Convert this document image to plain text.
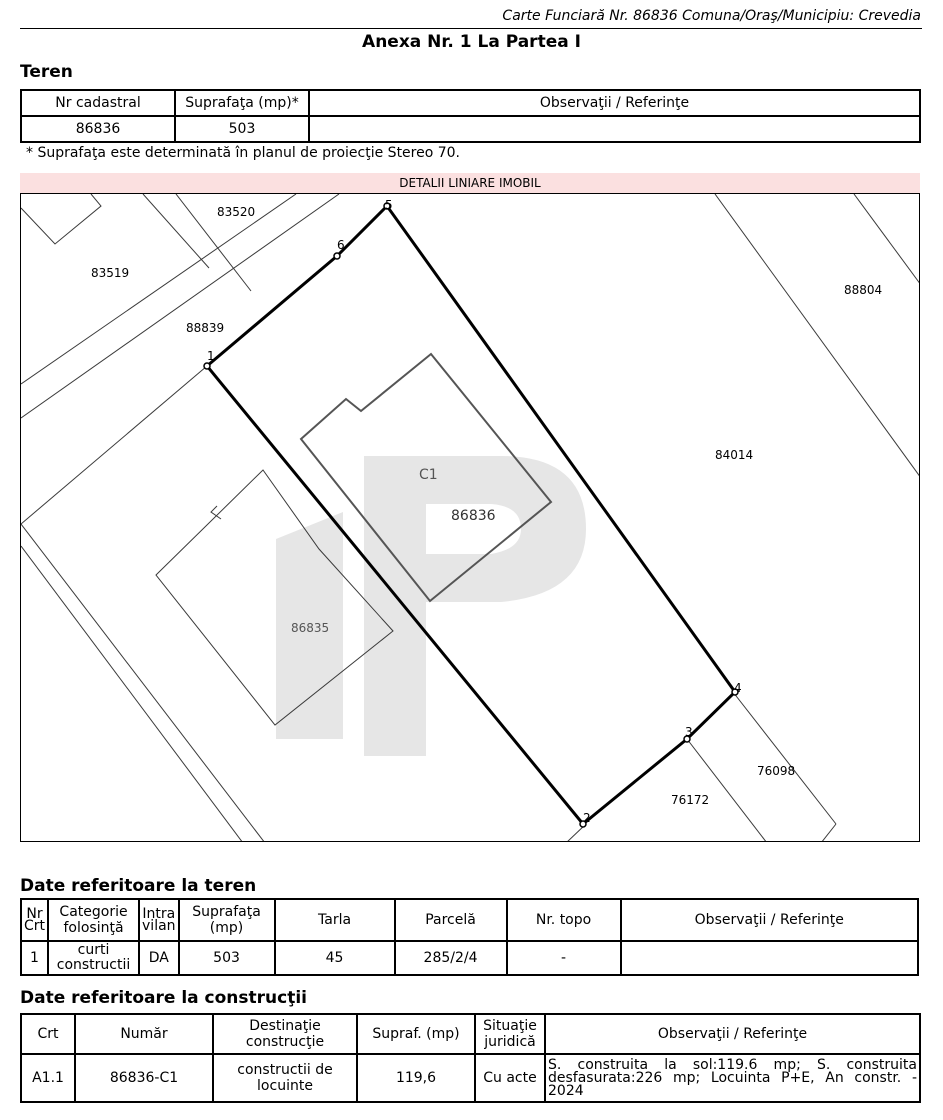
Carte Funciară Nr. 86836 Comuna/Oraş/Municipiu: Crevedia
Anexa Nr. 1 La Partea I
Teren
Nr cadastral	Suprafaţa (mp)*	Observaţii / Referinţe
86836	503	
* Suprafaţa este determinată în planul de proiecţie Stereo 70.
DETALII LINIARE IMOBIL
1
2
3
4
5
6
83520
83519
88839
88804
84014
C1
86836
86835
76098
76172
Date referitoare la teren
Nr Crt	Categorie folosinţă	Intra vilan	Suprafaţa (mp)	Tarla	Parcelă	Nr. topo	Observaţii / Referinţe
1	curti constructii	DA	503	45	285/2/4	-	
Date referitoare la construcţii
Crt	Număr	Destinaţie construcţie	Supraf. (mp)	Situaţie juridică	Observaţii / Referinţe
A1.1	86836-C1	constructii de locuinte	119,6	Cu acte	S. construita la sol:119.6 mp; S. construita desfasurata:226 mp; Locuinta P+E, An constr. - 2024
